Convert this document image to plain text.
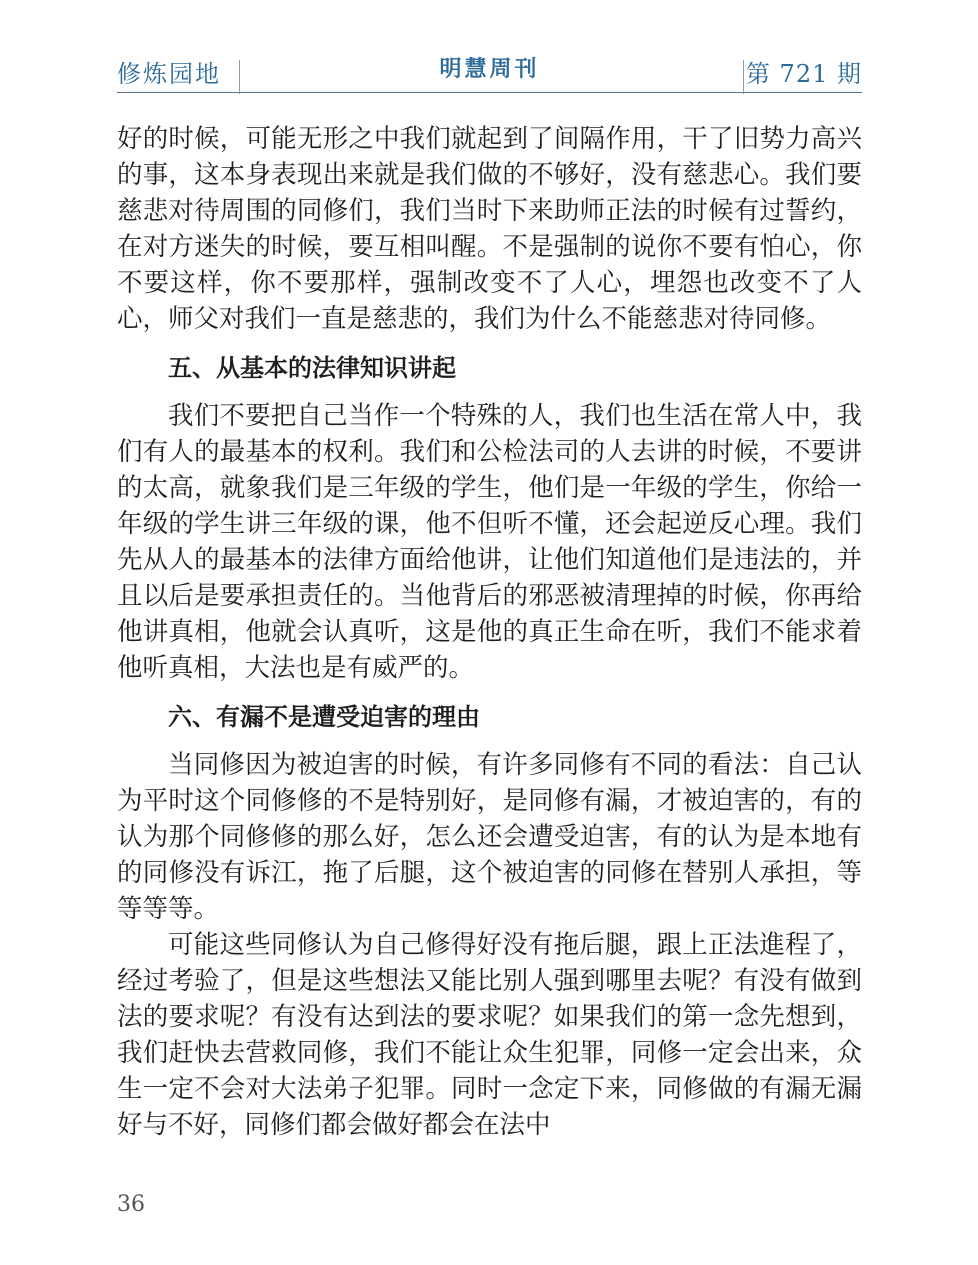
修炼园地	明慧周刊	第 721 期

好的时候，可能无形之中我们就起到了间隔作用，干了旧势力高兴的事，这本身表现出来就是我们做的不够好，没有慈悲心。我们要慈悲对待周围的同修们，我们当时下来助师正法的时候有过誓约，在对方迷失的时候，要互相叫醒。不是强制的说你不要有怕心，你不要这样，你不要那样，强制改变不了人心，埋怨也改变不了人心，师父对我们一直是慈悲的，我们为什么不能慈悲对待同修。

五、从基本的法律知识讲起

我们不要把自己当作一个特殊的人，我们也生活在常人中，我们有人的最基本的权利。我们和公检法司的人去讲的时候，不要讲的太高，就象我们是三年级的学生，他们是一年级的学生，你给一年级的学生讲三年级的课，他不但听不懂，还会起逆反心理。我们先从人的最基本的法律方面给他讲，让他们知道他们是违法的，并且以后是要承担责任的。当他背后的邪恶被清理掉的时候，你再给他讲真相，他就会认真听，这是他的真正生命在听，我们不能求着他听真相，大法也是有威严的。

六、有漏不是遭受迫害的理由

当同修因为被迫害的时候，有许多同修有不同的看法：自己认为平时这个同修修的不是特别好，是同修有漏，才被迫害的，有的认为那个同修修的那么好，怎么还会遭受迫害，有的认为是本地有的同修没有诉江，拖了后腿，这个被迫害的同修在替别人承担，等等等等。

可能这些同修认为自己修得好没有拖后腿，跟上正法進程了，经过考验了，但是这些想法又能比别人强到哪里去呢？有没有做到法的要求呢？有没有达到法的要求呢？如果我们的第一念先想到，我们赶快去营救同修，我们不能让众生犯罪，同修一定会出来，众生一定不会对大法弟子犯罪。同时一念定下来，同修做的有漏无漏好与不好，同修们都会做好都会在法中

36
